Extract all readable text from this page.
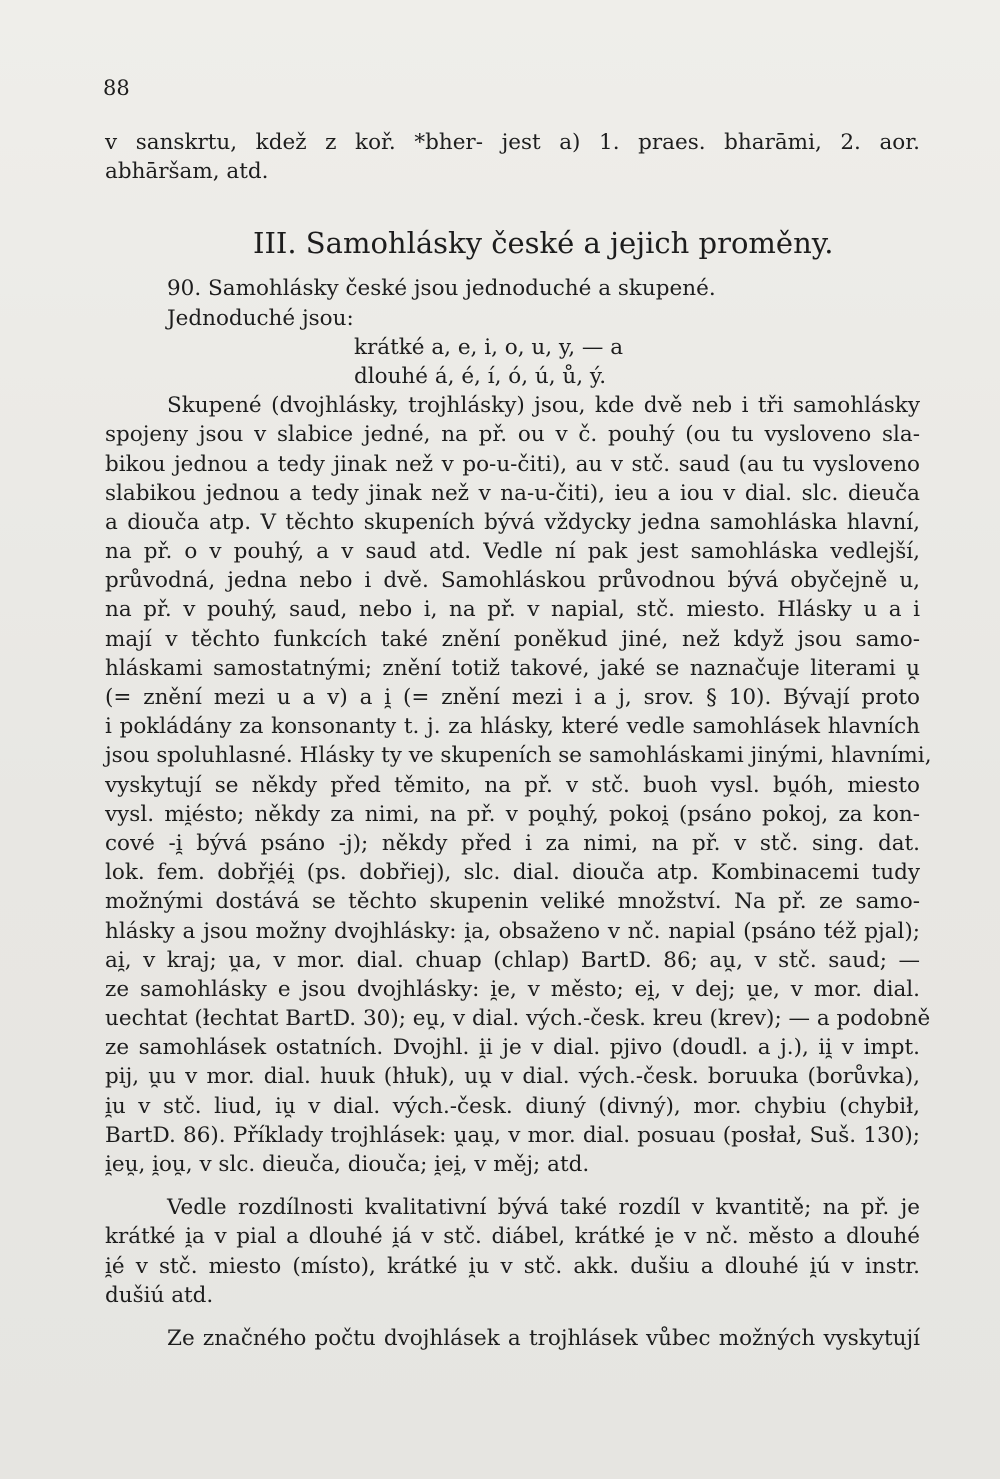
88
v sanskrtu, kdež z koř. *bher- jest a) 1. praes. bharāmi, 2. aor.
abhāršam, atd.
III. Samohlásky české a jejich proměny.
90. Samohlásky české jsou jednoduché a skupené.
Jednoduché jsou:
krátké a, e, i, o, u, y, — a
dlouhé á, é, í, ó, ú, ů, ý.
Skupené (dvojhlásky, trojhlásky) jsou, kde dvě neb i tři samohlásky
spojeny jsou v slabice jedné, na př. ou v č. pouhý (ou tu vysloveno sla-
bikou jednou a tedy jinak než v po-u-čiti), au v stč. saud (au tu vysloveno
slabikou jednou a tedy jinak než v na-u-čiti), ieu a iou v dial. slc. dieuča
a diouča atp. V těchto skupeních bývá vždycky jedna samohláska hlavní,
na př. o v pouhý, a v saud atd. Vedle ní pak jest samohláska vedlejší,
průvodná, jedna nebo i dvě. Samohláskou průvodnou bývá obyčejně u,
na př. v pouhý, saud, nebo i, na př. v napial, stč. miesto. Hlásky u a i
mají v těchto funkcích také znění poněkud jiné, než když jsou samo-
hláskami samostatnými; znění totiž takové, jaké se naznačuje literami u̯
(= znění mezi u a v) a i̯ (= znění mezi i a j, srov. § 10). Bývají proto
i pokládány za konsonanty t. j. za hlásky, které vedle samohlásek hlavních
jsou spoluhlasné. Hlásky ty ve skupeních se samohláskami jinými, hlavními,
vyskytují se někdy před těmito, na př. v stč. buoh vysl. bu̯óh, miesto
vysl. mi̯ésto; někdy za nimi, na př. v pou̯hý, pokoi̯ (psáno pokoj, za kon-
cové -i̯ bývá psáno -j); někdy před i za nimi, na př. v stč. sing. dat.
lok. fem. dobři̯éi̯ (ps. dobřiej), slc. dial. diouča atp. Kombinacemi tudy
možnými dostává se těchto skupenin veliké množství. Na př. ze samo-
hlásky a jsou možny dvojhlásky: i̯a, obsaženo v nč. napial (psáno též pjal);
ai̯, v kraj; u̯a, v mor. dial. chuap (chlap) BartD. 86; au̯, v stč. saud; —
ze samohlásky e jsou dvojhlásky: i̯e, v město; ei̯, v dej; u̯e, v mor. dial.
uechtat (łechtat BartD. 30); eu̯, v dial. vých.-česk. kreu (krev); — a podobně
ze samohlásek ostatních. Dvojhl. i̯i je v dial. pjivo (doudl. a j.), ii̯ v impt.
pij, u̯u v mor. dial. huuk (hłuk), uu̯ v dial. vých.-česk. boruuka (borůvka),
i̯u v stč. liud, iu̯ v dial. vých.-česk. diuný (divný), mor. chybiu (chybił,
BartD. 86). Příklady trojhlásek: u̯au̯, v mor. dial. posuau (posłał, Suš. 130);
i̯eu̯, i̯ou̯, v slc. dieuča, diouča; i̯ei̯, v měj; atd.
Vedle rozdílnosti kvalitativní bývá také rozdíl v kvantitě; na př. je
krátké i̯a v pial a dlouhé i̯á v stč. diábel, krátké i̯e v nč. město a dlouhé
i̯é v stč. miesto (místo), krátké i̯u v stč. akk. dušiu a dlouhé i̯ú v instr.
dušiú atd.
Ze značného počtu dvojhlásek a trojhlásek vůbec možných vyskytují
